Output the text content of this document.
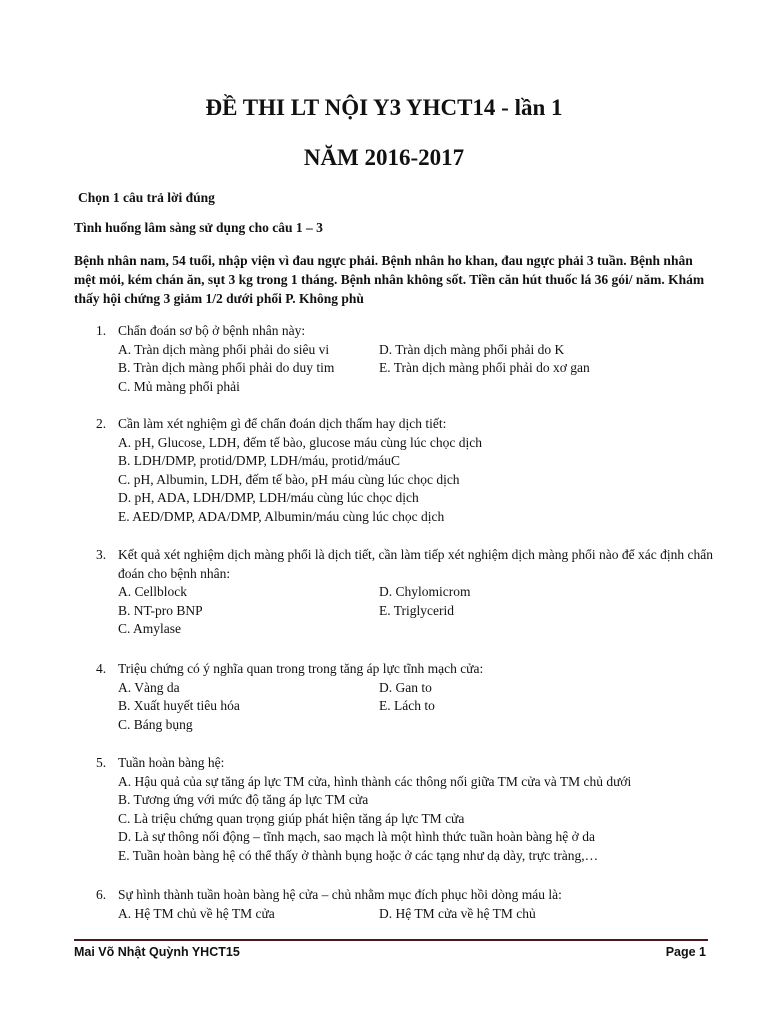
ĐỀ THI LT NỘI Y3 YHCT14 - lần 1
NĂM 2016-2017
Chọn 1 câu trả lời đúng
Tình huống lâm sàng sử dụng cho câu 1 – 3
Bệnh nhân nam, 54 tuổi, nhập viện vì đau ngực phải. Bệnh nhân ho khan, đau ngực phải 3 tuần. Bệnh nhân mệt mỏi, kém chán ăn, sụt 3 kg trong 1 tháng. Bệnh nhân không sốt. Tiền căn hút thuốc lá 36 gói/ năm. Khám thấy hội chứng 3 giảm 1/2 dưới phổi P. Không phù
1. Chẩn đoán sơ bộ ở bệnh nhân này:
A. Tràn dịch màng phổi phải do siêu vi	D. Tràn dịch màng phổi phải do K
B. Tràn dịch màng phổi phải do duy tim	E. Tràn dịch màng phổi phải do xơ gan
C. Mủ màng phổi phải
2. Cần làm xét nghiệm gì để chẩn đoán dịch thấm hay dịch tiết:
A. pH, Glucose, LDH, đếm tế bào, glucose máu cùng lúc chọc dịch
B. LDH/DMP, protid/DMP, LDH/máu, protid/máuC
C. pH, Albumin, LDH, đếm tế bào, pH máu cùng lúc chọc dịch
D. pH, ADA, LDH/DMP, LDH/máu cùng lúc chọc dịch
E. AED/DMP, ADA/DMP, Albumin/máu cùng lúc chọc dịch
3. Kết quả xét nghiệm dịch màng phổi là dịch tiết, cần làm tiếp xét nghiệm dịch màng phổi nào để xác định chẩn đoán cho bệnh nhân:
A. Cellblock	D. Chylomicrom
B. NT-pro BNP	E. Triglycerid
C. Amylase
4. Triệu chứng có ý nghĩa quan trong trong tăng áp lực tĩnh mạch cửa:
A. Vàng da	D. Gan to
B. Xuất huyết tiêu hóa	E. Lách to
C. Báng bụng
5. Tuần hoàn bàng hệ:
A. Hậu quả của sự tăng áp lực TM cửa, hình thành các thông nối giữa TM cửa và TM chủ dưới
B. Tương ứng với mức độ tăng áp lực TM cửa
C. Là triệu chứng quan trọng giúp phát hiện tăng áp lực TM cửa
D. Là sự thông nối động – tĩnh mạch, sao mạch là một hình thức tuần hoàn bàng hệ ở da
E. Tuần hoàn bàng hệ có thể thấy ở thành bụng hoặc ở các tạng như dạ dày, trực tràng,…
6. Sự hình thành tuần hoàn bàng hệ cửa – chủ nhằm mục đích phục hồi dòng máu là:
A. Hệ TM chủ về hệ TM cửa	D. Hệ TM cửa về hệ TM chủ
Mai Võ Nhật Quỳnh YHCT15	Page 1
